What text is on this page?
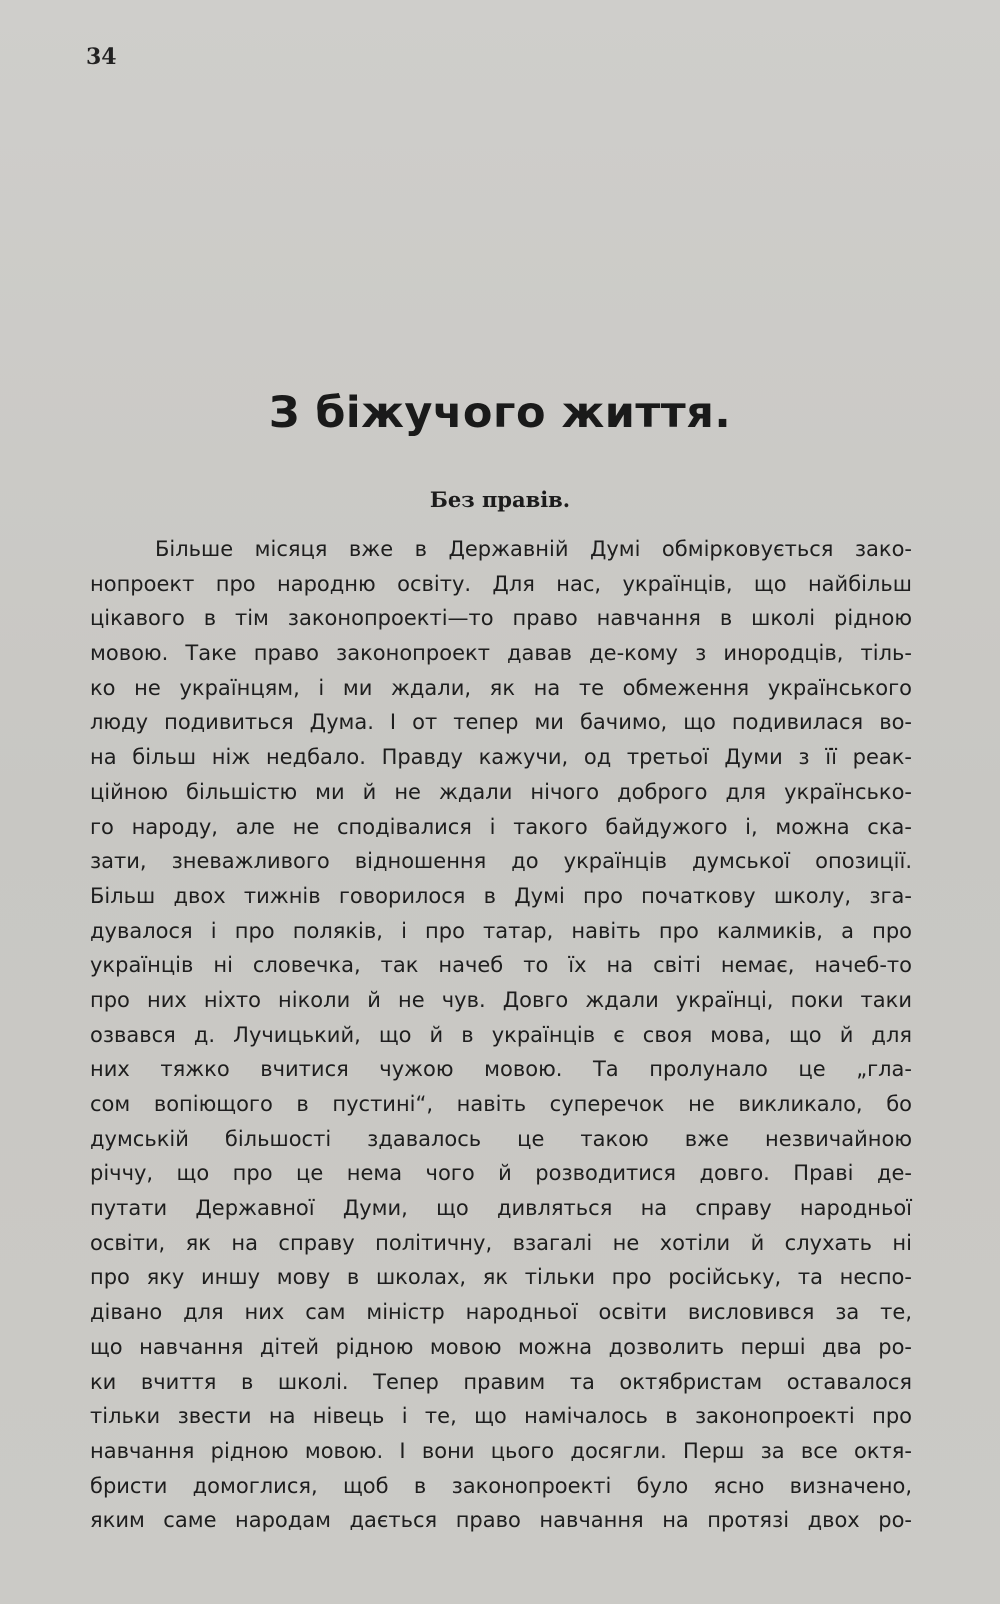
34
З біжучого життя.
Без правів.
Більше місяця вже в Державній Думі обмірковується зако-
нопроект про народню освіту. Для нас, українців, що найбільш
цікавого в тім законопроекті—то право навчання в школі рідною
мовою. Таке право законопроект давав де-кому з инородців, тіль-
ко не українцям, і ми ждали, як на те обмеження українського
люду подивиться Дума. І от тепер ми бачимо, що подивилася во-
на більш ніж недбало. Правду кажучи, од третьої Думи з її реак-
ційною більшістю ми й не ждали нічого доброго для українсько-
го народу, але не сподівалися і такого байдужого і, можна ска-
зати, зневажливого відношення до українців думської опозиції.
Більш двох тижнів говорилося в Думі про початкову школу, зга-
дувалося і про поляків, і про татар, навіть про калмиків, а про
українців ні словечка, так начеб то їх на світі немає, начеб-то
про них ніхто ніколи й не чув. Довго ждали українці, поки таки
озвався д. Лучицький, що й в українців є своя мова, що й для
них тяжко вчитися чужою мовою. Та пролунало це „гла-
сом вопіющого в пустині“, навіть суперечок не викликало, бо
думській більшості здавалось це такою вже незвичайною
річчу, що про це нема чого й розводитися довго. Праві де-
путати Державної Думи, що дивляться на справу народньої
освіти, як на справу політичну, взагалі не хотіли й слухать ні
про яку иншу мову в школах, як тільки про російську, та неспо-
дівано для них сам міністр народньої освіти висловився за те,
що навчання дітей рідною мовою можна дозволить перші два ро-
ки вчиття в школі. Тепер правим та октябристам оставалося
тільки звести на нівець і те, що намічалось в законопроекті про
навчання рідною мовою. І вони цього досягли. Перш за все октя-
бристи домоглися, щоб в законопроекті було ясно визначено,
яким саме народам дається право навчання на протязі двох ро-
